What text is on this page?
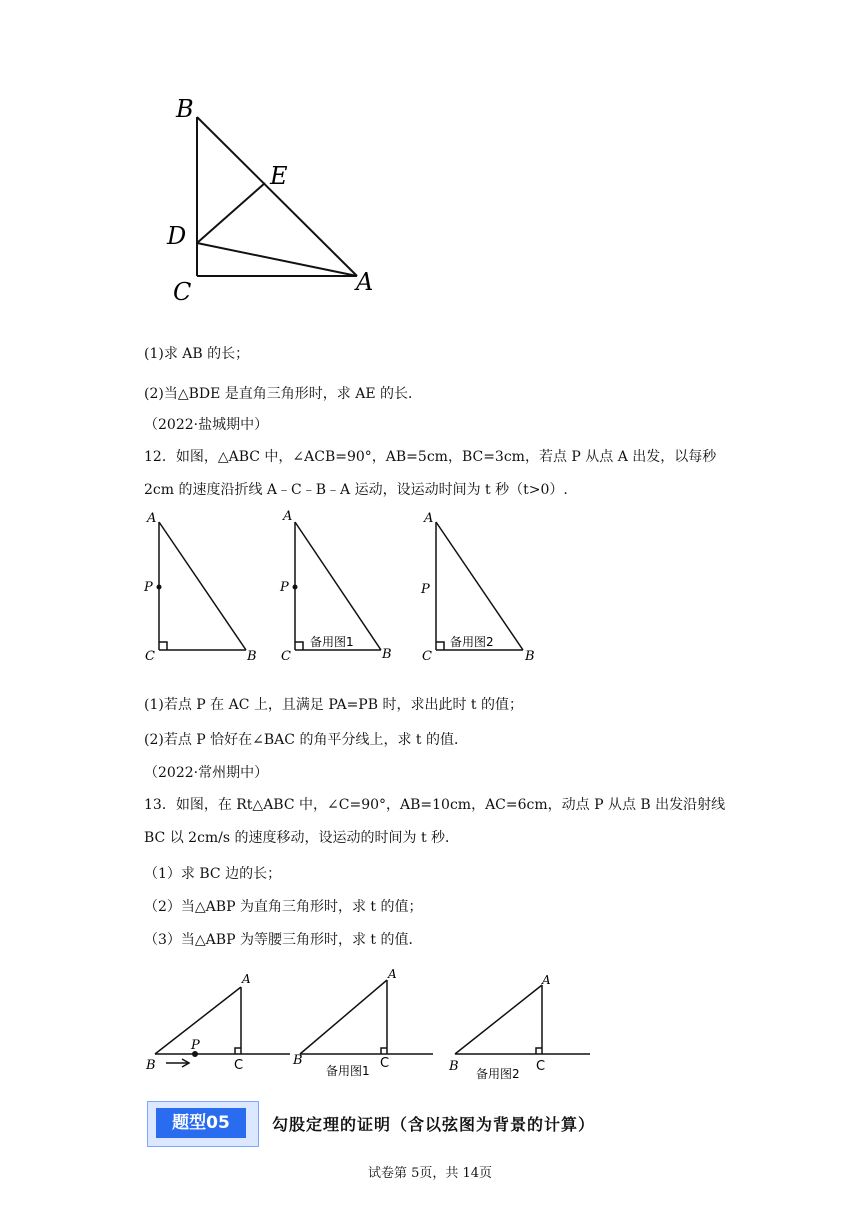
B
E
D
C	A
(1)求 AB 的长；
(2)当△BDE 是直角三角形时，求 AE 的长．
（2022·盐城期中）
12．如图，△ABC 中，∠ACB=90°，AB=5cm，BC=3cm，若点 P 从点 A 出发，以每秒
2cm 的速度沿折线 A﹣C﹣B﹣A 运动，设运动时间为 t 秒（t>0）.
A
P
C	B
A
P
C	B
备用图1
A
P
C	B
备用图2
(1)若点 P 在 AC 上，且满足 PA=PB 时，求出此时 t 的值；
(2)若点 P 恰好在∠BAC 的角平分线上，求 t 的值．
（2022·常州期中）
13．如图，在 Rt△ABC 中，∠C=90°，AB=10cm，AC=6cm，动点 P 从点 B 出发沿射线
BC 以 2cm/s 的速度移动，设运动的时间为 t 秒．
（1）求 BC 边的长；
（2）当△ABP 为直角三角形时，求 t 的值；
（3）当△ABP 为等腰三角形时，求 t 的值．
A
B
P
C
A
B	C
备用图1
A
B	C
备用图2
题型05	勾股定理的证明（含以弦图为背景的计算）
试卷第 5页，共 14页
